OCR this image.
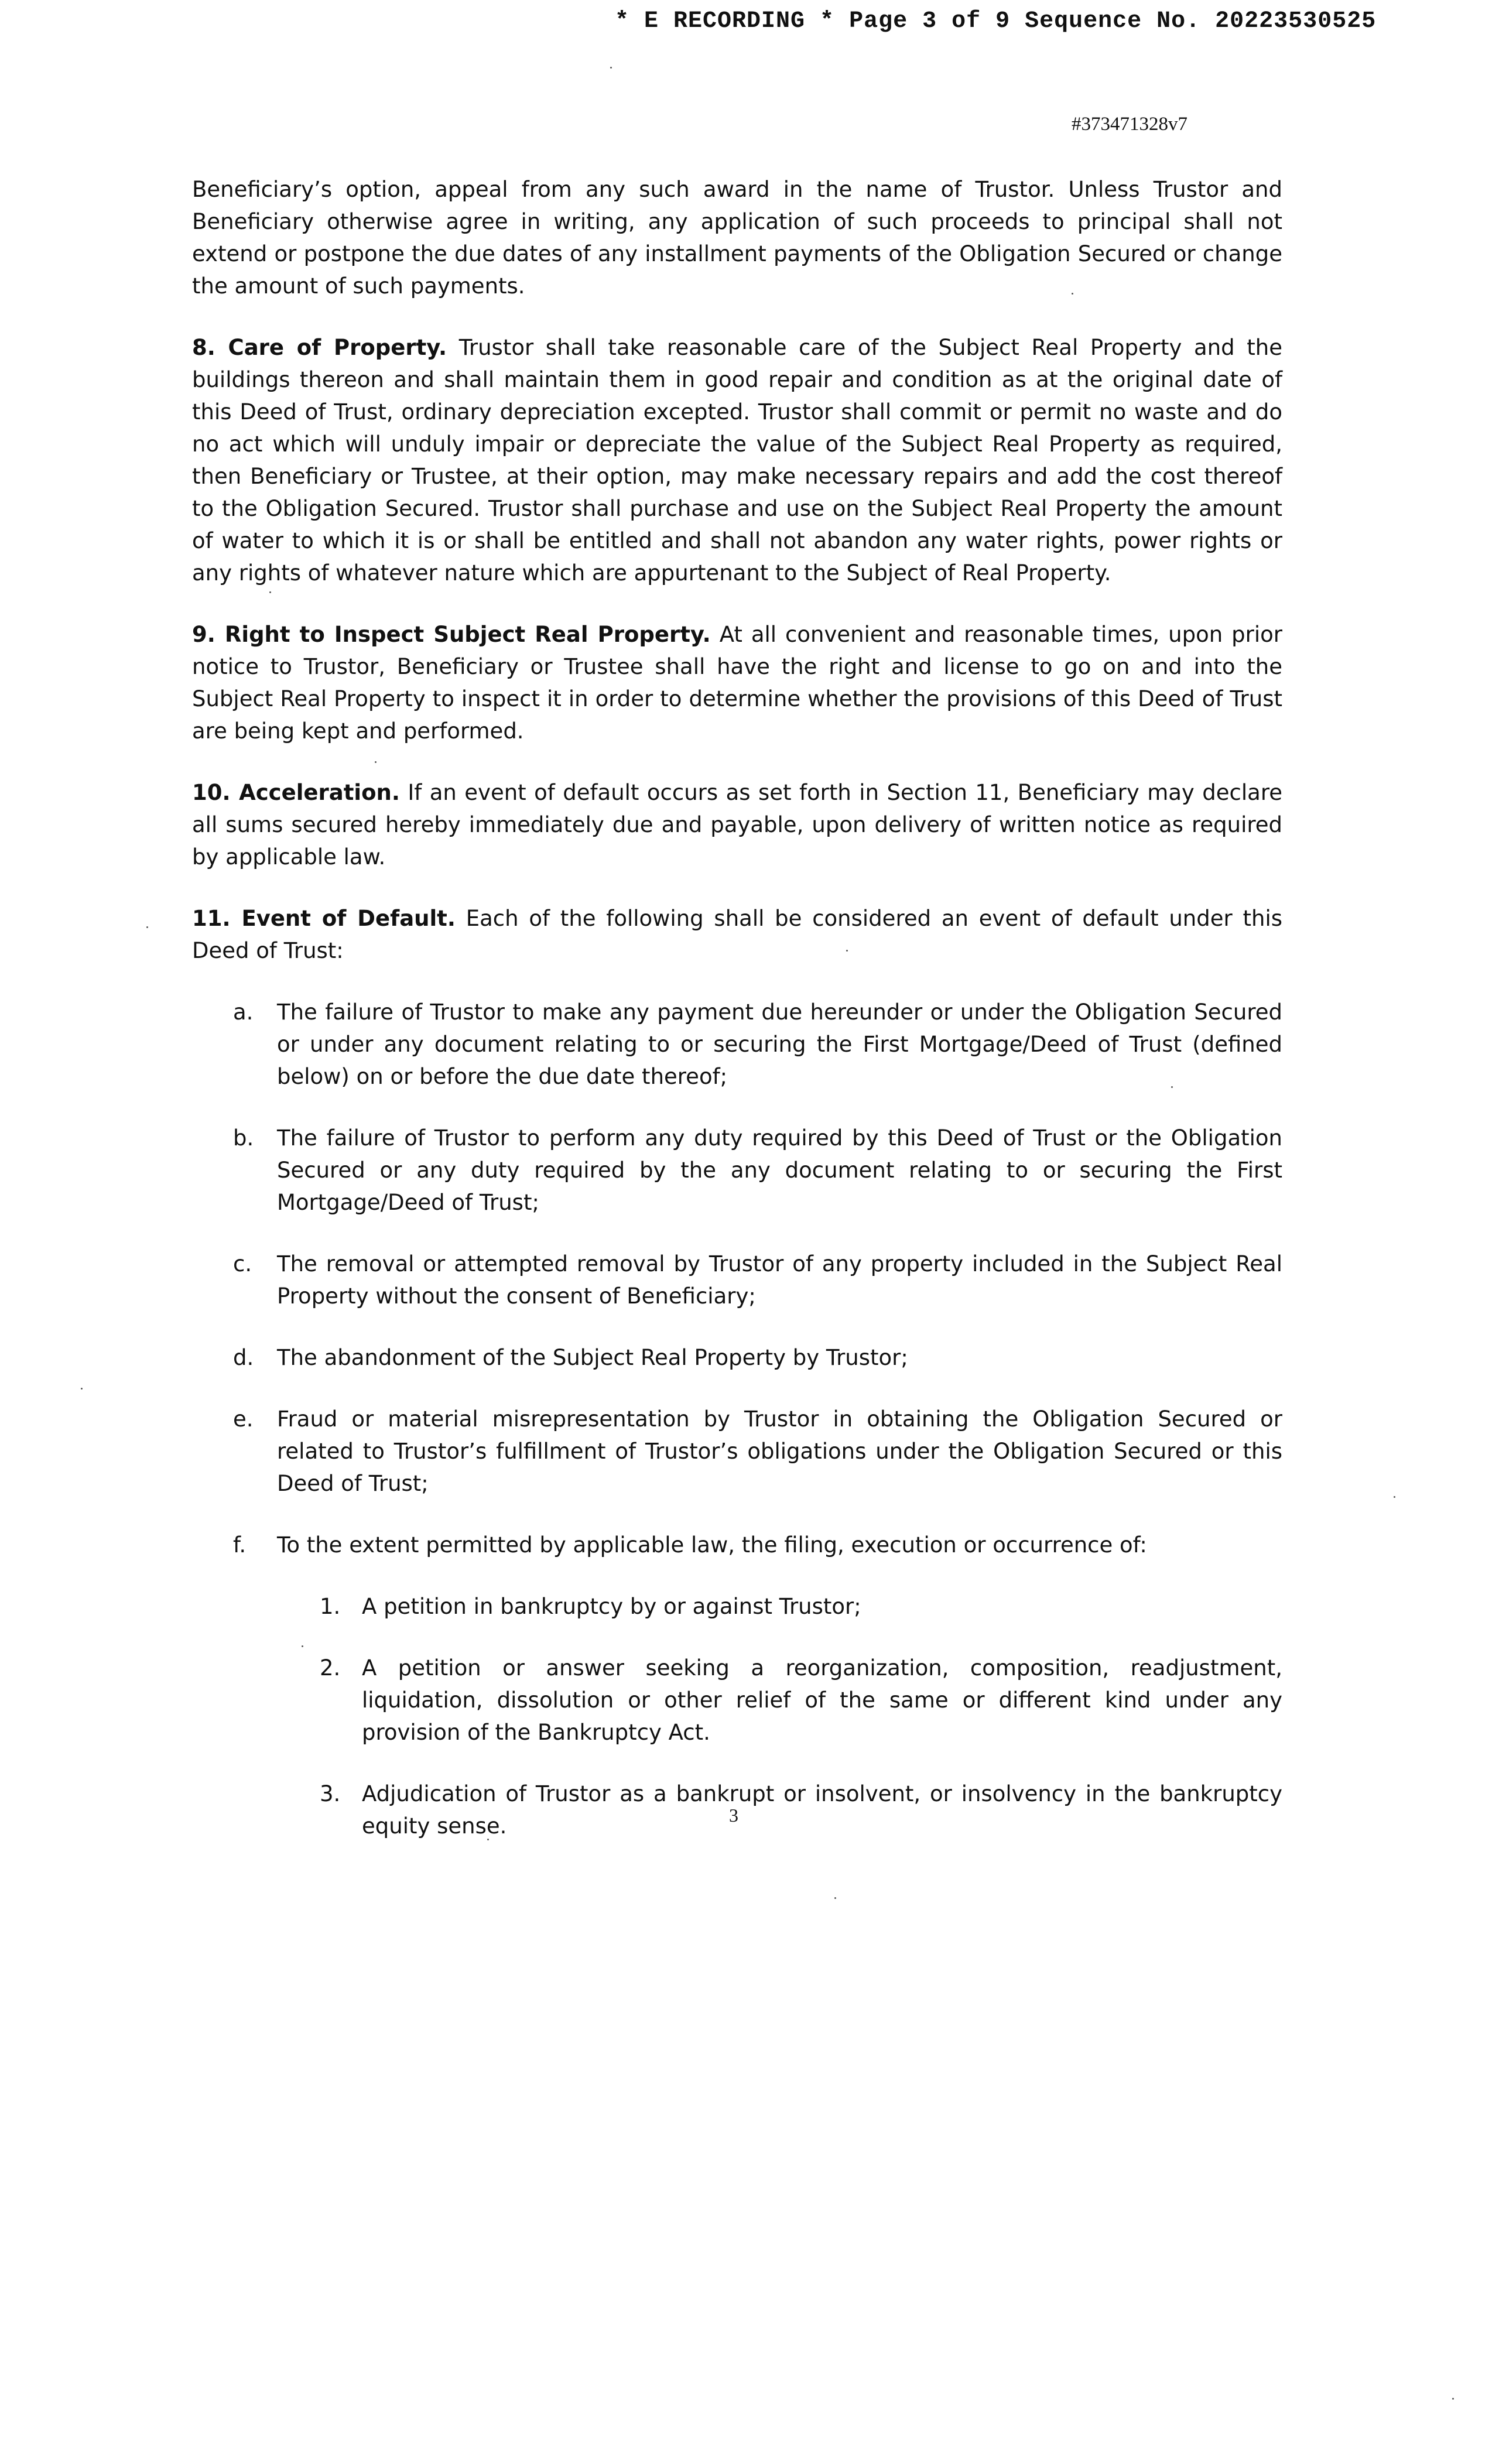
* E RECORDING * Page 3 of 9 Sequence No. 20223530525
#373471328v7

Beneficiary’s option, appeal from any such award in the name of Trustor. Unless Trustor and Beneficiary otherwise agree in writing, any application of such proceeds to principal shall not extend or postpone the due dates of any installment payments of the Obligation Secured or change the amount of such payments.

8. Care of Property. Trustor shall take reasonable care of the Subject Real Property and the buildings thereon and shall maintain them in good repair and condition as at the original date of this Deed of Trust, ordinary depreciation excepted. Trustor shall commit or permit no waste and do no act which will unduly impair or depreciate the value of the Subject Real Property as required, then Beneficiary or Trustee, at their option, may make necessary repairs and add the cost thereof to the Obligation Secured. Trustor shall purchase and use on the Subject Real Property the amount of water to which it is or shall be entitled and shall not abandon any water rights, power rights or any rights of whatever nature which are appurtenant to the Subject of Real Property.

9. Right to Inspect Subject Real Property. At all convenient and reasonable times, upon prior notice to Trustor, Beneficiary or Trustee shall have the right and license to go on and into the Subject Real Property to inspect it in order to determine whether the provisions of this Deed of Trust are being kept and performed.

10. Acceleration. If an event of default occurs as set forth in Section 11, Beneficiary may declare all sums secured hereby immediately due and payable, upon delivery of written notice as required by applicable law.

11. Event of Default. Each of the following shall be considered an event of default under this Deed of Trust:

a. The failure of Trustor to make any payment due hereunder or under the Obligation Secured or under any document relating to or securing the First Mortgage/Deed of Trust (defined below) on or before the due date thereof;
b. The failure of Trustor to perform any duty required by this Deed of Trust or the Obligation Secured or any duty required by the any document relating to or securing the First Mortgage/Deed of Trust;
c. The removal or attempted removal by Trustor of any property included in the Subject Real Property without the consent of Beneficiary;
d. The abandonment of the Subject Real Property by Trustor;
e. Fraud or material misrepresentation by Trustor in obtaining the Obligation Secured or related to Trustor’s fulfillment of Trustor’s obligations under the Obligation Secured or this Deed of Trust;
f. To the extent permitted by applicable law, the filing, execution or occurrence of:
1. A petition in bankruptcy by or against Trustor;
2. A petition or answer seeking a reorganization, composition, readjustment, liquidation, dissolution or other relief of the same or different kind under any provision of the Bankruptcy Act.
3. Adjudication of Trustor as a bankrupt or insolvent, or insolvency in the bankruptcy equity sense.	3
